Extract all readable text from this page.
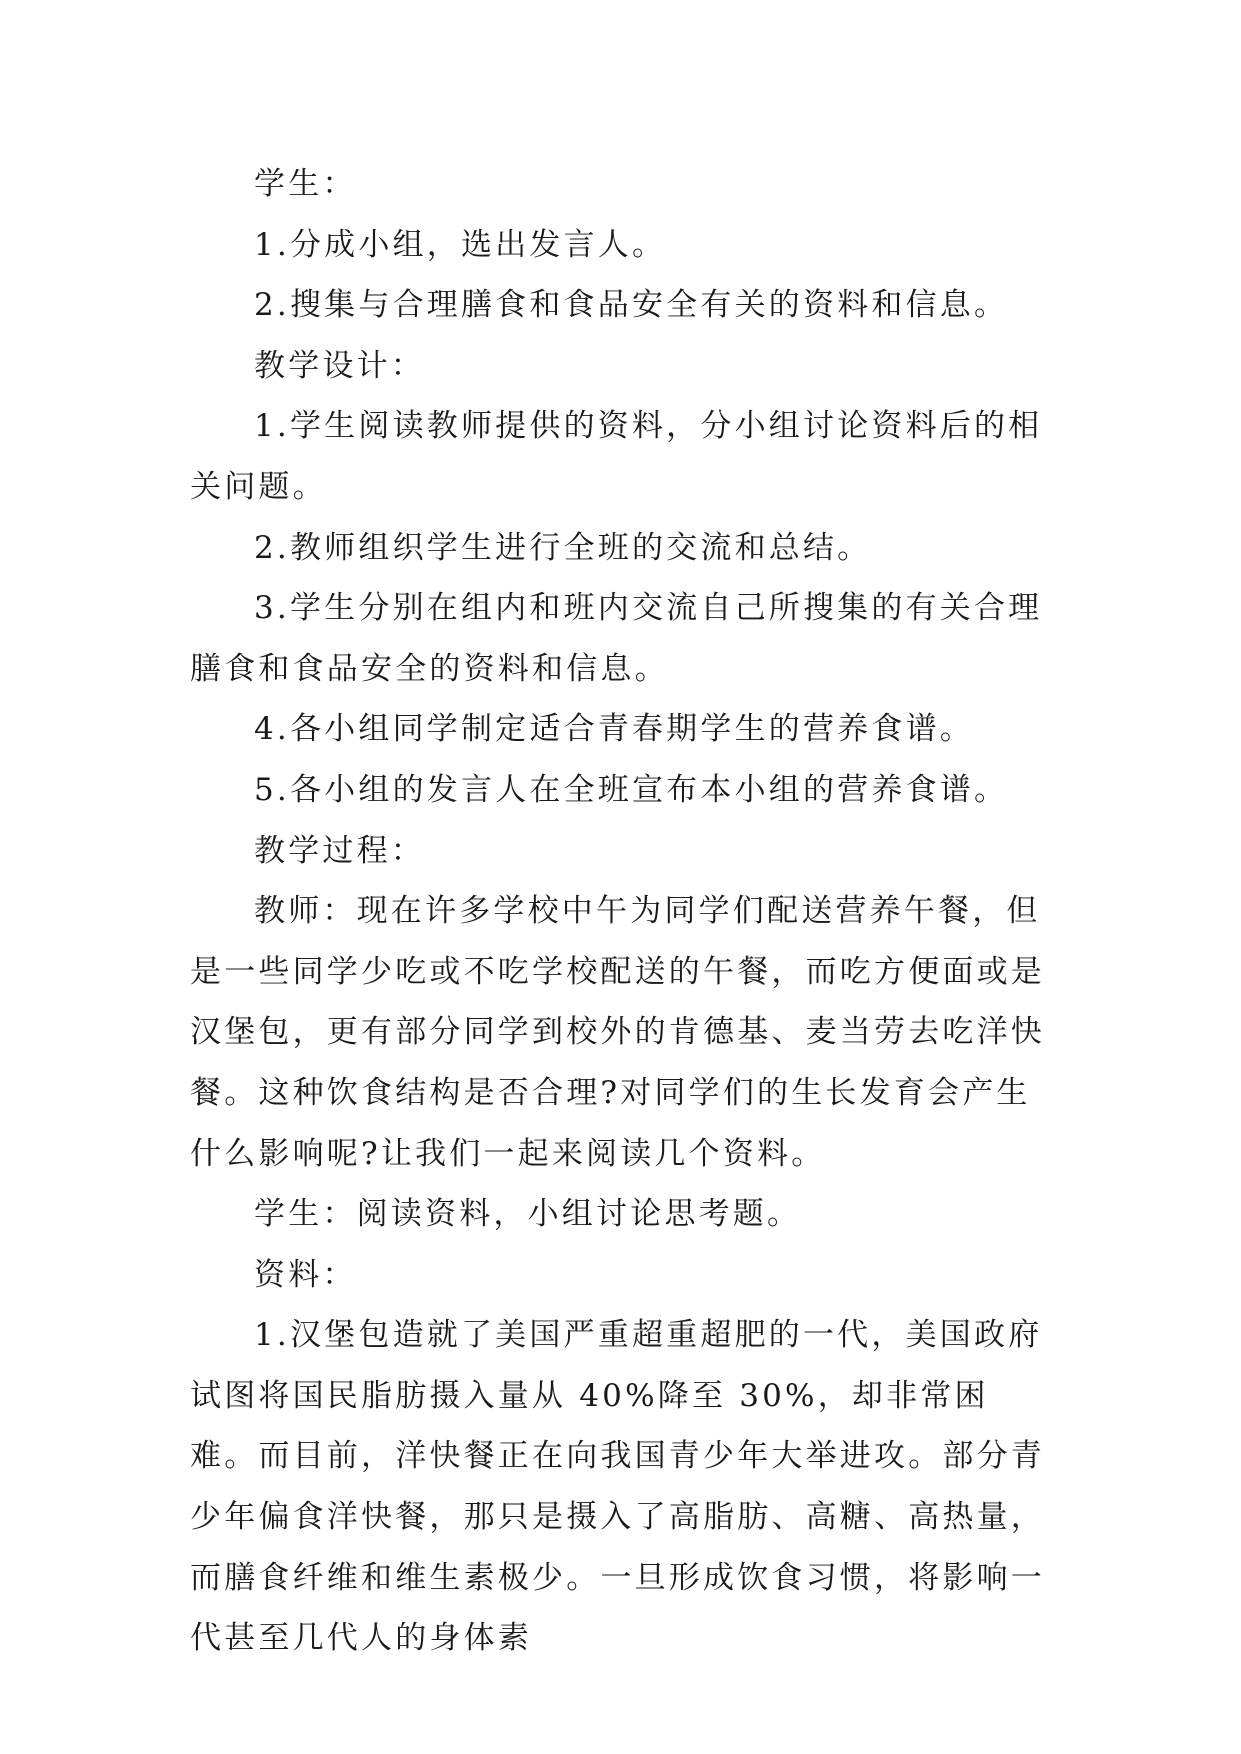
学生：

1.分成小组，选出发言人。

2.搜集与合理膳食和食品安全有关的资料和信息。

教学设计：

1.学生阅读教师提供的资料，分小组讨论资料后的相关问题。

2.教师组织学生进行全班的交流和总结。

3.学生分别在组内和班内交流自己所搜集的有关合理膳食和食品安全的资料和信息。

4.各小组同学制定适合青春期学生的营养食谱。

5.各小组的发言人在全班宣布本小组的营养食谱。

教学过程：

教师：现在许多学校中午为同学们配送营养午餐，但是一些同学少吃或不吃学校配送的午餐，而吃方便面或是汉堡包，更有部分同学到校外的肯德基、麦当劳去吃洋快餐。这种饮食结构是否合理?对同学们的生长发育会产生什么影响呢?让我们一起来阅读几个资料。

学生：阅读资料，小组讨论思考题。

资料：

1.汉堡包造就了美国严重超重超肥的一代，美国政府试图将国民脂肪摄入量从 40%降至 30%，却非常困难。而目前，洋快餐正在向我国青少年大举进攻。部分青少年偏食洋快餐，那只是摄入了高脂肪、高糖、高热量，而膳食纤维和维生素极少。一旦形成饮食习惯，将影响一代甚至几代人的身体素
